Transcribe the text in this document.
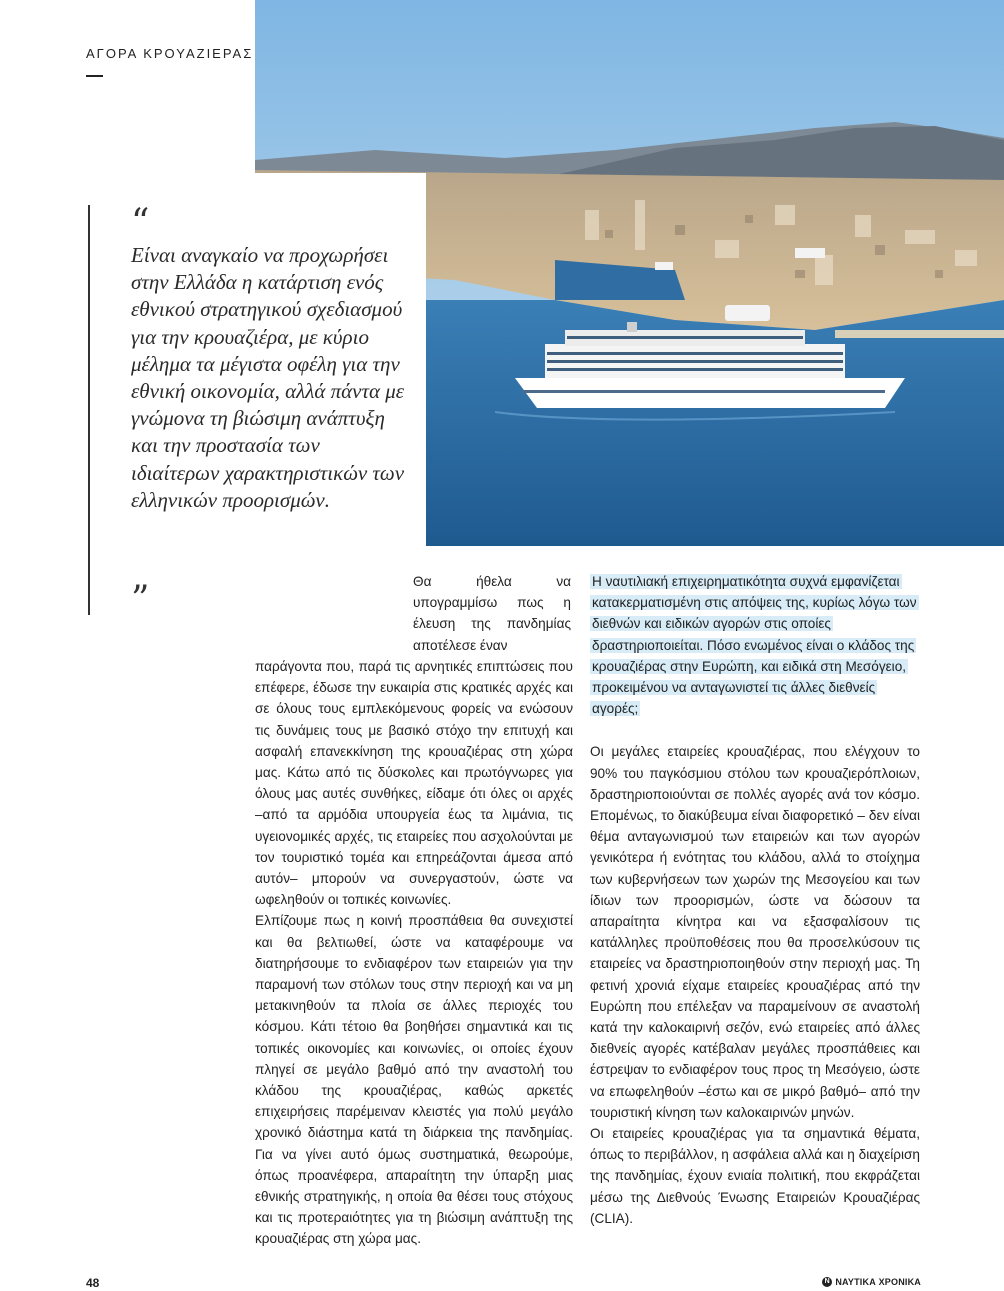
ΑΓΟΡΑ ΚΡΟΥΑΖΙΕΡΑΣ
“

Είναι αναγκαίο να προχωρήσει στην Ελλάδα η κατάρτιση ενός εθνικού στρατηγικού σχεδιασμού για την κρουαζιέρα, με κύριο μέλημα τα μέγιστα οφέλη για την εθνική οικονομία, αλλά πάντα με γνώμονα τη βιώσιμη ανάπτυξη και την προστασία των ιδιαίτερων χαρακτηριστικών των ελληνικών προορισμών.

”	Θα ήθελα να υπογραμμίσω πως η έλευση της πανδημίας αποτέλεσε έναν

παράγοντα που, παρά τις αρνητικές επιπτώσεις που επέφερε, έδωσε την ευκαιρία στις κρατικές αρχές και σε όλους τους εμπλεκόμενους φορείς να ενώσουν τις δυνάμεις τους με βασικό στόχο την επιτυχή και ασφαλή επανεκκίνηση της κρουαζιέρας στη χώρα μας. Κάτω από τις δύσκολες και πρωτόγνωρες για όλους μας αυτές συνθήκες, είδαμε ότι όλες οι αρχές –από τα αρμόδια υπουργεία έως τα λιμάνια, τις υγειονομικές αρχές, τις εταιρείες που ασχολούνται με τον τουριστικό τομέα και επηρεάζονται άμεσα από αυτόν– μπορούν να συνεργαστούν, ώστε να ωφεληθούν οι τοπικές κοινωνίες.

Ελπίζουμε πως η κοινή προσπάθεια θα συνεχιστεί και θα βελτιωθεί, ώστε να καταφέρουμε να διατηρήσουμε το ενδιαφέρον των εταιρειών για την παραμονή των στόλων τους στην περιοχή και να μη μετακινηθούν τα πλοία σε άλλες περιοχές του κόσμου. Κάτι τέτοιο θα βοηθήσει σημαντικά και τις τοπικές οικονομίες και κοινωνίες, οι οποίες έχουν πληγεί σε μεγάλο βαθμό από την αναστολή του κλάδου της κρουαζιέρας, καθώς αρκετές επιχειρήσεις παρέμειναν κλειστές για πολύ μεγάλο χρονικό διάστημα κατά τη διάρκεια της πανδημίας. Για να γίνει αυτό όμως συστηματικά, θεωρούμε, όπως προανέφερα, απαραίτητη την ύπαρξη μιας εθνικής στρατηγικής, η οποία θα θέσει τους στόχους και τις προτεραιότητες για τη βιώσιμη ανάπτυξη της κρουαζιέρας στη χώρα μας.

Η ναυτιλιακή επιχειρηματικότητα συχνά εμφανίζεται κατακερματισμένη στις απόψεις της, κυρίως λόγω των διεθνών και ειδικών αγορών στις οποίες δραστηριοποιείται. Πόσο ενωμένος είναι ο κλάδος της κρουαζιέρας στην Ευρώπη, και ειδικά στη Μεσόγειο, προκειμένου να ανταγωνιστεί τις άλλες διεθνείς αγορές;

Οι μεγάλες εταιρείες κρουαζιέρας, που ελέγχουν το 90% του παγκόσμιου στόλου των κρουαζιερόπλοιων, δραστηριοποιούνται σε πολλές αγορές ανά τον κόσμο. Επομένως, το διακύβευμα είναι διαφορετικό – δεν είναι θέμα ανταγωνισμού των εταιρειών και των αγορών γενικότερα ή ενότητας του κλάδου, αλλά το στοίχημα των κυβερνήσεων των χωρών της Μεσογείου και των ίδιων των προορισμών, ώστε να δώσουν τα απαραίτητα κίνητρα και να εξασφαλίσουν τις κατάλληλες προϋποθέσεις που θα προσελκύσουν τις εταιρείες να δραστηριοποιηθούν στην περιοχή μας. Τη φετινή χρονιά είχαμε εταιρείες κρουαζιέρας από την Ευρώπη που επέλεξαν να παραμείνουν σε αναστολή κατά την καλοκαιρινή σεζόν, ενώ εταιρείες από άλλες διεθνείς αγορές κατέβαλαν μεγάλες προσπάθειες και έστρεψαν το ενδιαφέρον τους προς τη Μεσόγειο, ώστε να επωφεληθούν –έστω και σε μικρό βαθμό– από την τουριστική κίνηση των καλοκαιρινών μηνών.

Οι εταιρείες κρουαζιέρας για τα σημαντικά θέματα, όπως το περιβάλλον, η ασφάλεια αλλά και η διαχείριση της πανδημίας, έχουν ενιαία πολιτική, που εκφράζεται μέσω της Διεθνούς Ένωσης Εταιρειών Κρουαζιέρας (CLIA).

48	N ΝΑΥΤΙΚΑ ΧΡΟΝΙΚΑ
